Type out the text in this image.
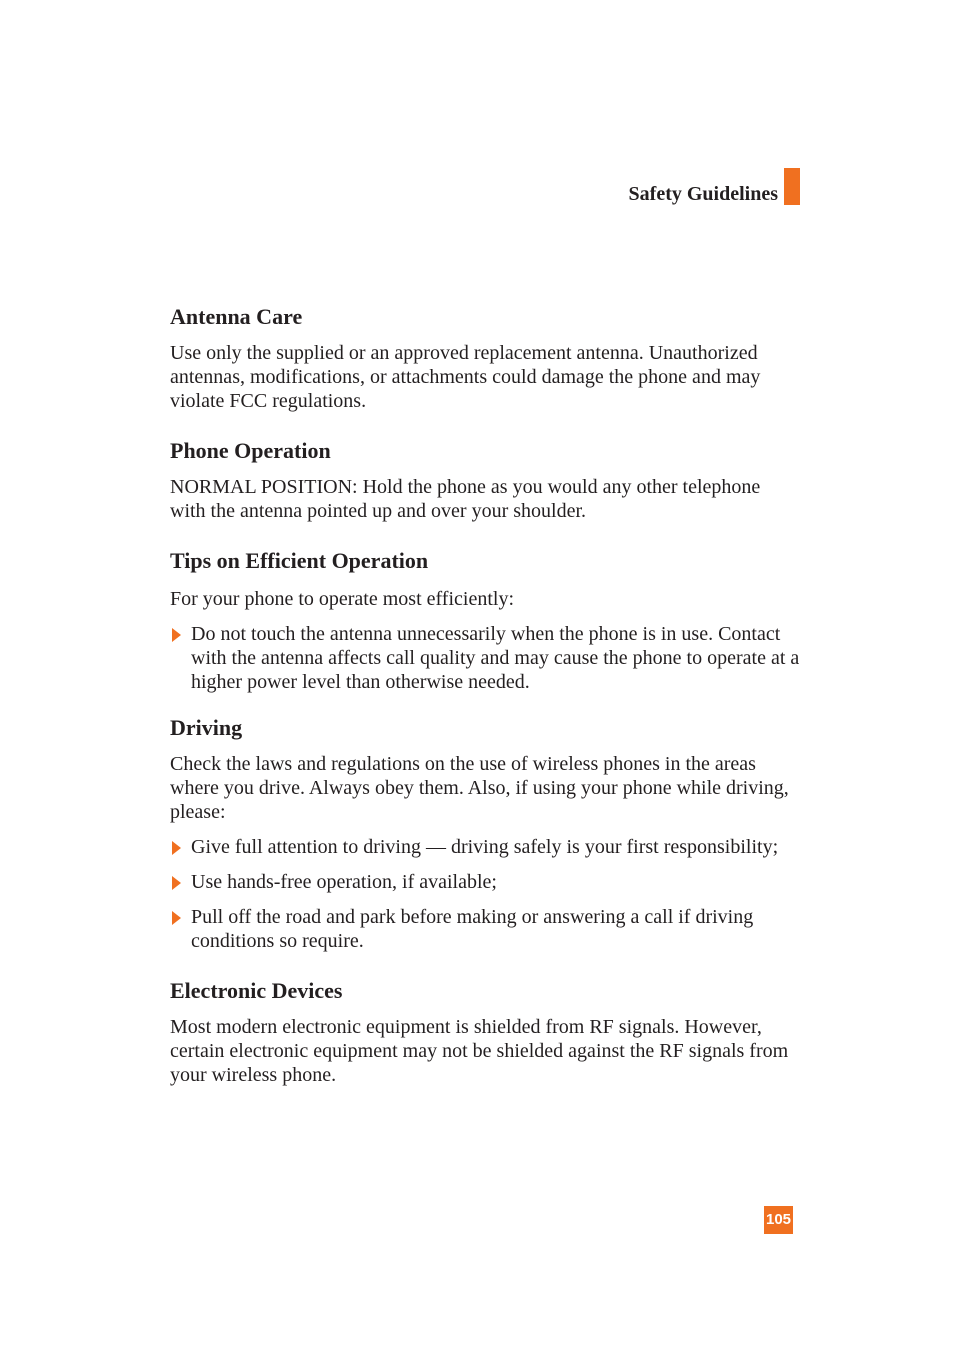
Safety Guidelines
Antenna Care

Use only the supplied or an approved replacement antenna. Unauthorized antennas, modifications, or attachments could damage the phone and may violate FCC regulations.

Phone Operation

NORMAL POSITION: Hold the phone as you would any other telephone with the antenna pointed up and over your shoulder.

Tips on Efficient Operation

For your phone to operate most efficiently:

Do not touch the antenna unnecessarily when the phone is in use. Contact with the antenna affects call quality and may cause the phone to operate at a higher power level than otherwise needed.
Driving

Check the laws and regulations on the use of wireless phones in the areas where you drive. Always obey them. Also, if using your phone while driving, please:

Give full attention to driving — driving safely is your first responsibility;
Use hands-free operation, if available;
Pull off the road and park before making or answering a call if driving conditions so require.
Electronic Devices

Most modern electronic equipment is shielded from RF signals. However, certain electronic equipment may not be shielded against the RF signals from your wireless phone.

105
